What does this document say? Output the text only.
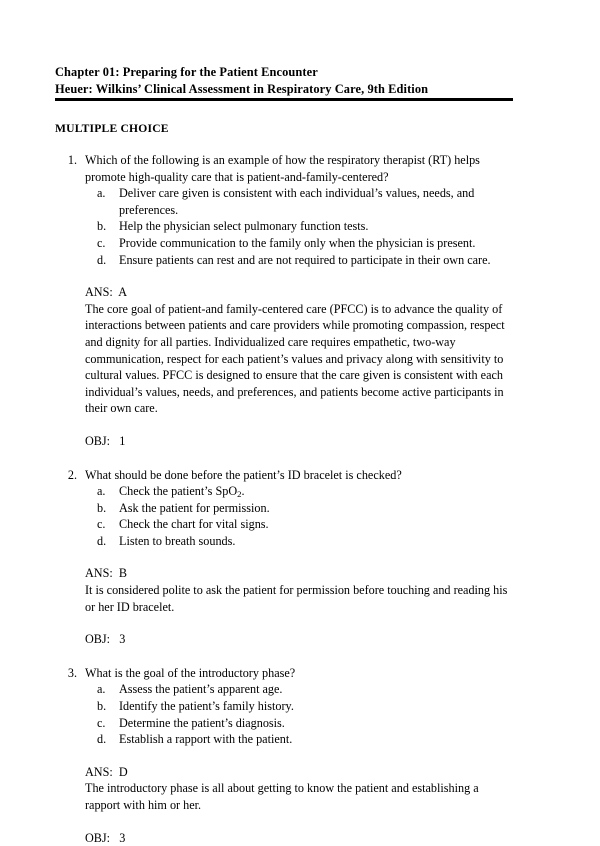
Chapter 01: Preparing for the Patient Encounter
Heuer: Wilkins’ Clinical Assessment in Respiratory Care, 9th Edition
MULTIPLE CHOICE
1. Which of the following is an example of how the respiratory therapist (RT) helps promote high-quality care that is patient-and-family-centered?
a.	Deliver care given is consistent with each individual’s values, needs, and preferences.
b.	Help the physician select pulmonary function tests.
c.	Provide communication to the family only when the physician is present.
d.	Ensure patients can rest and are not required to participate in their own care.
ANS:  A
The core goal of patient-and family-centered care (PFCC) is to advance the quality of interactions between patients and care providers while promoting compassion, respect and dignity for all parties. Individualized care requires empathetic, two-way communication, respect for each patient’s values and privacy along with sensitivity to cultural values. PFCC is designed to ensure that the care given is consistent with each individual’s values, needs, and preferences, and patients become active participants in their own care.
OBJ:   1
2. What should be done before the patient’s ID bracelet is checked?
a.	Check the patient’s SpO$_2$.
b.	Ask the patient for permission.
c.	Check the chart for vital signs.
d.	Listen to breath sounds.
ANS:  B
It is considered polite to ask the patient for permission before touching and reading his or her ID bracelet.
OBJ:   3
3. What is the goal of the introductory phase?
a.	Assess the patient’s apparent age.
b.	Identify the patient’s family history.
c.	Determine the patient’s diagnosis.
d.	Establish a rapport with the patient.
ANS:  D
The introductory phase is all about getting to know the patient and establishing a rapport with him or her.
OBJ:   3
